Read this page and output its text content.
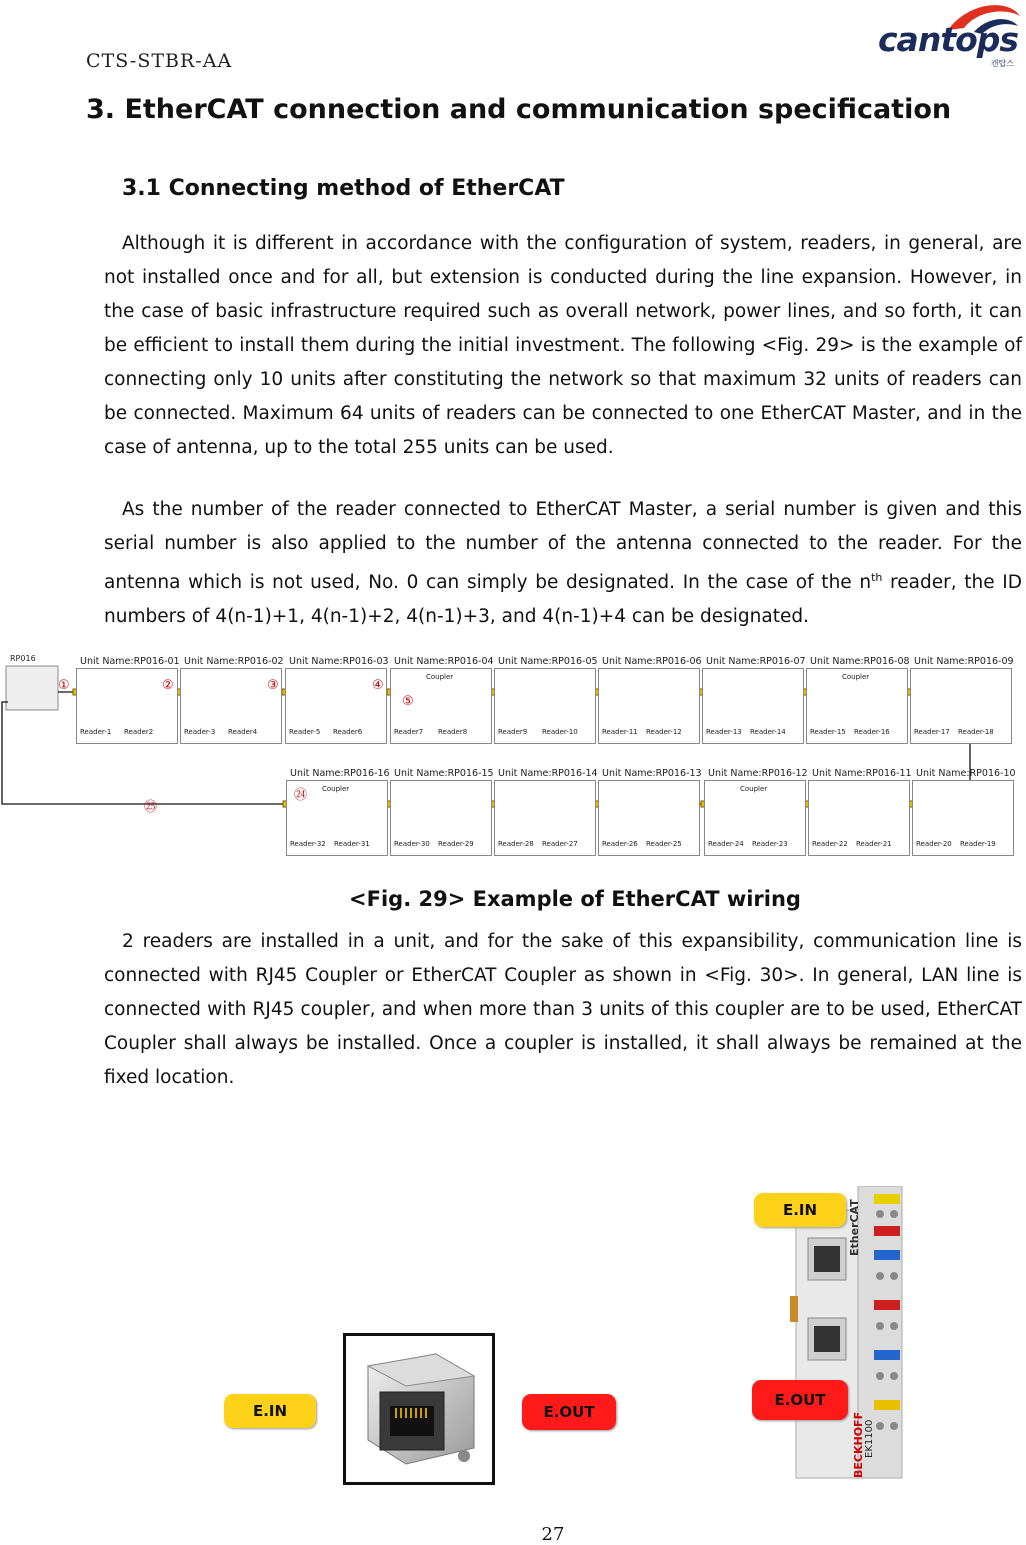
CTS-STBR-AA
cantops
캔탑스
3. EtherCAT connection and communication specification
3.1 Connecting method of EtherCAT

Although it is different in accordance with the configuration of system, readers, in general, are not installed once and for all, but extension is conducted during the line expansion. However, in the case of basic infrastructure required such as overall network, power lines, and so forth, it can be efficient to install them during the initial investment. The following <Fig. 29> is the example of connecting only 10 units after constituting the network so that maximum 32 units of readers can be connected. Maximum 64 units of readers can be connected to one EtherCAT Master, and in the case of antenna, up to the total 255 units can be used.

As the number of the reader connected to EtherCAT Master, a serial number is given and this serial number is also applied to the number of the antenna connected to the reader. For the antenna which is not used, No. 0 can simply be designated. In the case of the $n^{th}$ reader, the ID numbers of 4(n-1)+1, 4(n-1)+2, 4(n-1)+3, and 4(n-1)+4 can be designated.

RP016	Unit Name:RP016-01
Reader-1 Reader2
①
Unit Name:RP016-02
Reader-3 Reader4
②
Unit Name:RP016-03
Reader-5 Reader6
③
Unit Name:RP016-04
Reader7 Reader8
Coupler
④
Unit Name:RP016-05
Reader9 Reader-10
Unit Name:RP016-06
Reader-11 Reader-12
Unit Name:RP016-07
Reader-13 Reader-14
Unit Name:RP016-08
Reader-15 Reader-16
Coupler
Unit Name:RP016-09
Reader-17 Reader-18
Unit Name:RP016-16
Reader-32 Reader-31
Coupler
Unit Name:RP016-15
Reader-30 Reader-29
Unit Name:RP016-14
Reader-28 Reader-27
Unit Name:RP016-13
Reader-26 Reader-25
Unit Name:RP016-12
Reader-24 Reader-23
Coupler
Unit Name:RP016-11
Reader-22 Reader-21
Unit Name:RP016-10
Reader-20 Reader-19
⑤
㉔
㉕
<Fig. 29> Example of EtherCAT wiring

2 readers are installed in a unit, and for the sake of this expansibility, communication line is connected with RJ45 Coupler or EtherCAT Coupler as shown in <Fig. 30>. In general, LAN line is connected with RJ45 coupler, and when more than 3 units of this coupler are to be used, EtherCAT Coupler shall always be installed. Once a coupler is installed, it shall always be remained at the fixed location.

E.IN	E.OUT
EtherCAT
BECKHOFF EK1100
E.IN
E.OUT
27
